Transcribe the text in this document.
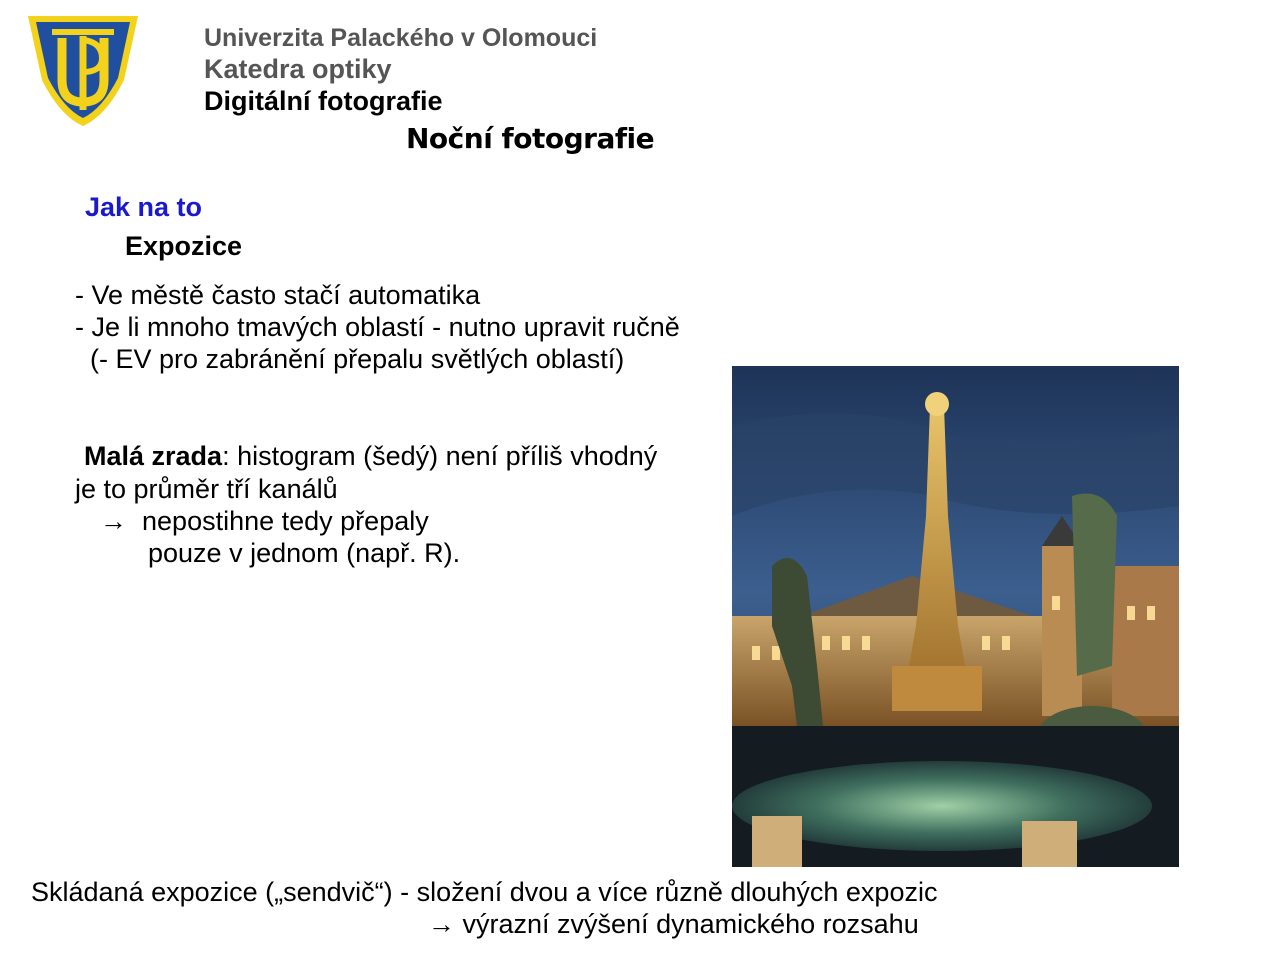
Univerzita Palackého v Olomouci
Katedra optiky
Digitální fotografie
Noční fotografie
Jak na to
Expozice
- Ve městě často stačí automatika
- Je li mnoho tmavých oblastí - nutno upravit ručně
(- EV pro zabránění přepalu světlých oblastí)
Malá zrada: histogram (šedý) není příliš vhodný
je to průměr tří kanálů
→ nepostihne tedy přepaly
pouze v jednom (např. R).
Skládaná expozice („sendvič“) - složení dvou a více různě dlouhých expozic
→ výrazní zvýšení dynamického rozsahu
